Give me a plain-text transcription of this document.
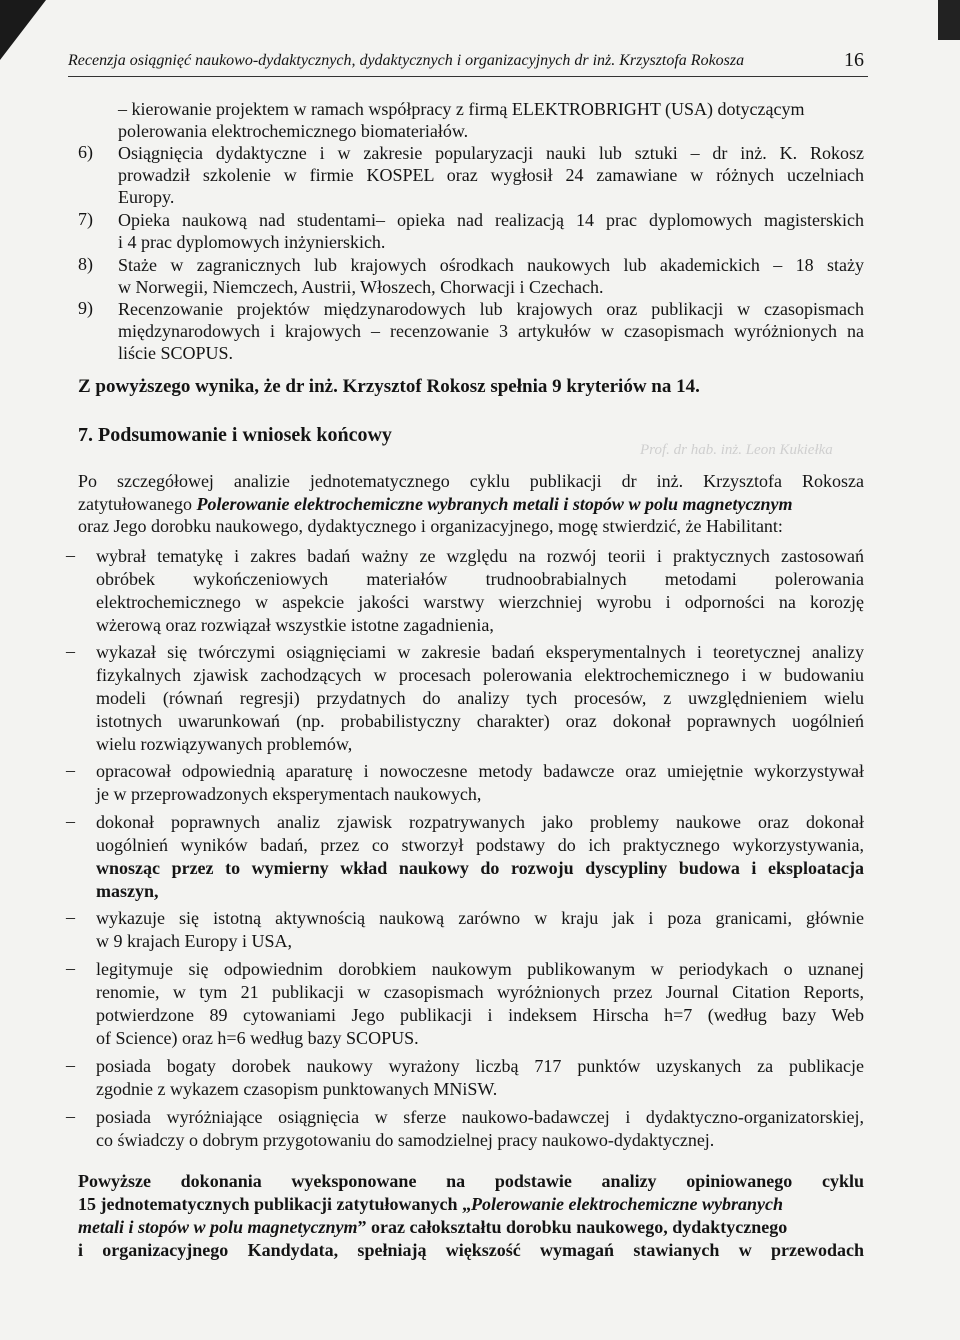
Recenzja osiągnięć naukowo-dydaktycznych, dydaktycznych i organizacyjnych dr inż. Krzysztofa Rokosza	16
– kierowanie projektem w ramach współpracy z firmą ELEKTROBRIGHT (USA) dotyczącym
polerowania elektrochemicznego biomateriałów.
6) Osiągnięcia dydaktyczne i w zakresie popularyzacji nauki lub sztuki – dr inż. K. Rokosz
prowadził szkolenie w firmie KOSPEL oraz wygłosił 24 zamawiane w różnych uczelniach
Europy.
7) Opieka naukową nad studentami– opieka nad realizacją 14 prac dyplomowych magisterskich
i 4 prac dyplomowych inżynierskich.
8) Staże w zagranicznych lub krajowych ośrodkach naukowych lub akademickich – 18 staży
w Norwegii, Niemczech, Austrii, Włoszech, Chorwacji i Czechach.
9) Recenzowanie projektów międzynarodowych lub krajowych oraz publikacji w czasopismach
międzynarodowych i krajowych – recenzowanie 3 artykułów w czasopismach wyróżnionych na
liście SCOPUS.
Z powyższego wynika, że dr inż. Krzysztof Rokosz spełnia 9 kryteriów na 14.
Prof. dr hab. inż. Leon Kukiełka
7. Podsumowanie i wniosek końcowy
Po szczegółowej analizie jednotematycznego cyklu publikacji dr inż. Krzysztofa Rokosza
zatytułowanego Polerowanie elektrochemiczne wybranych metali i stopów w polu magnetycznym
oraz Jego dorobku naukowego, dydaktycznego i organizacyjnego, mogę stwierdzić, że Habilitant:
– wybrał tematykę i zakres badań ważny ze względu na rozwój teorii i praktycznych zastosowań
obróbek wykończeniowych materiałów trudnoobrabialnych metodami polerowania
elektrochemicznego w aspekcie jakości warstwy wierzchniej wyrobu i odporności na korozję
wżerową oraz rozwiązał wszystkie istotne zagadnienia,
– wykazał się twórczymi osiągnięciami w zakresie badań eksperymentalnych i teoretycznej analizy
fizykalnych zjawisk zachodzących w procesach polerowania elektrochemicznego i w budowaniu
modeli (równań regresji) przydatnych do analizy tych procesów, z uwzględnieniem wielu
istotnych uwarunkowań (np. probabilistyczny charakter) oraz dokonał poprawnych uogólnień
wielu rozwiązywanych problemów,
– opracował odpowiednią aparaturę i nowoczesne metody badawcze oraz umiejętnie wykorzystywał
je w przeprowadzonych eksperymentach naukowych,
– dokonał poprawnych analiz zjawisk rozpatrywanych jako problemy naukowe oraz dokonał
uogólnień wyników badań, przez co stworzył podstawy do ich praktycznego wykorzystywania,
wnosząc przez to wymierny wkład naukowy do rozwoju dyscypliny budowa i eksploatacja
maszyn,
– wykazuje się istotną aktywnością naukową zarówno w kraju jak i poza granicami, głównie
w 9 krajach Europy i USA,
– legitymuje się odpowiednim dorobkiem naukowym publikowanym w periodykach o uznanej
renomie, w tym 21 publikacji w czasopismach wyróżnionych przez Journal Citation Reports,
potwierdzone 89 cytowaniami Jego publikacji i indeksem Hirscha h=7 (według bazy Web
of Science) oraz h=6 według bazy SCOPUS.
– posiada bogaty dorobek naukowy wyrażony liczbą 717 punktów uzyskanych za publikacje
zgodnie z wykazem czasopism punktowanych MNiSW.
– posiada wyróżniające osiągnięcia w sferze naukowo-badawczej i dydaktyczno-organizatorskiej,
co świadczy o dobrym przygotowaniu do samodzielnej pracy naukowo-dydaktycznej.
Powyższe dokonania wyeksponowane na podstawie analizy opiniowanego cyklu
15 jednotematycznych publikacji zatytułowanych „Polerowanie elektrochemiczne wybranych
metali i stopów w polu magnetycznym” oraz całokształtu dorobku naukowego, dydaktycznego
i organizacyjnego Kandydata, spełniają większość wymagań stawianych w przewodach
